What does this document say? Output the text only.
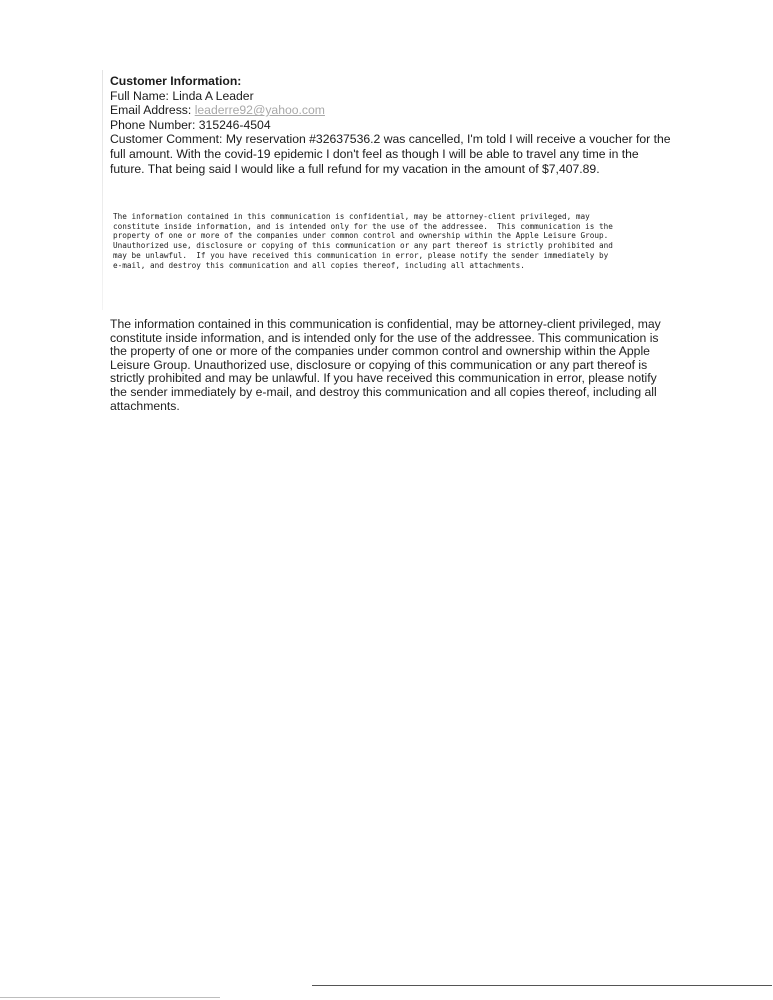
Customer Information:
Full Name: Linda A Leader
Email Address: leaderre92@yahoo.com
Phone Number: 315246-4504
Customer Comment: My reservation #32637536.2 was cancelled, I'm told I will receive a voucher for the full amount. With the covid-19 epidemic I don't feel as though I will be able to travel any time in the future. That being said I would like a full refund for my vacation in the amount of $7,407.89.
The information contained in this communication is confidential, may be attorney-client privileged, may
constitute inside information, and is intended only for the use of the addressee.  This communication is the
property of one or more of the companies under common control and ownership within the Apple Leisure Group.
Unauthorized use, disclosure or copying of this communication or any part thereof is strictly prohibited and
may be unlawful.  If you have received this communication in error, please notify the sender immediately by
e-mail, and destroy this communication and all copies thereof, including all attachments.
The information contained in this communication is confidential, may be attorney-client privileged, may constitute inside information, and is intended only for the use of the addressee. This communication is the property of one or more of the companies under common control and ownership within the Apple Leisure Group. Unauthorized use, disclosure or copying of this communication or any part thereof is strictly prohibited and may be unlawful. If you have received this communication in error, please notify the sender immediately by e-mail, and destroy this communication and all copies thereof, including all attachments.
